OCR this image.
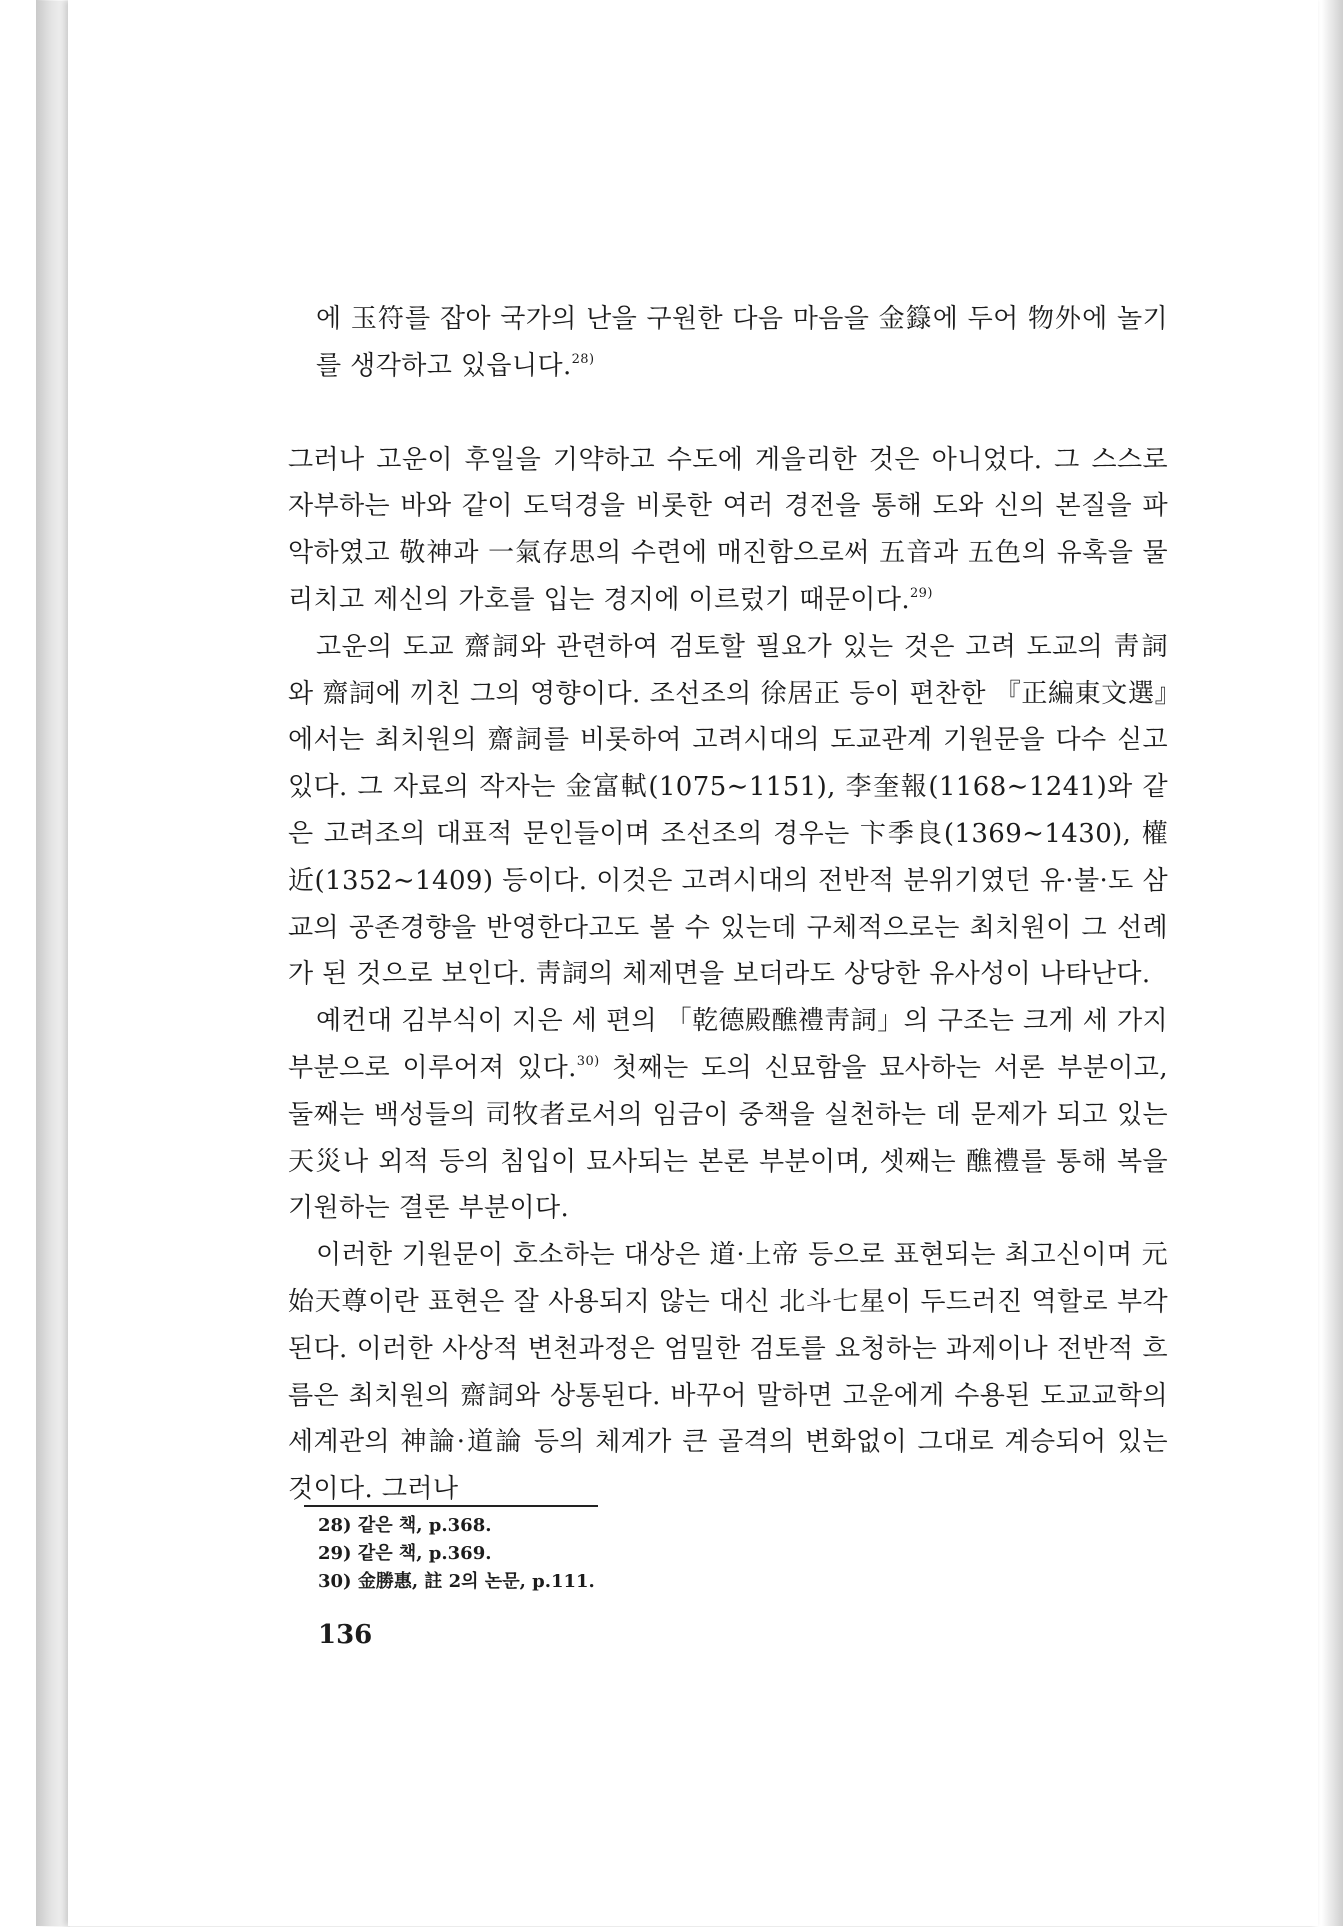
에 玉符를 잡아 국가의 난을 구원한 다음 마음을 金籙에 두어 物外에 놀기를 생각하고 있읍니다.$^{28)}$

그러나 고운이 후일을 기약하고 수도에 게을리한 것은 아니었다. 그 스스로 자부하는 바와 같이 도덕경을 비롯한 여러 경전을 통해 도와 신의 본질을 파악하였고 敬神과 一氣存思의 수련에 매진함으로써 五音과 五色의 유혹을 물리치고 제신의 가호를 입는 경지에 이르렀기 때문이다.$^{29)}$

고운의 도교 齋詞와 관련하여 검토할 필요가 있는 것은 고려 도교의 靑詞와 齋詞에 끼친 그의 영향이다. 조선조의 徐居正 등이 편찬한 『正編東文選』에서는 최치원의 齋詞를 비롯하여 고려시대의 도교관계 기원문을 다수 싣고 있다. 그 자료의 작자는 金富軾(1075∼1151), 李奎報(1168∼1241)와 같은 고려조의 대표적 문인들이며 조선조의 경우는 卞季良(1369∼1430), 權近(1352∼1409) 등이다. 이것은 고려시대의 전반적 분위기였던 유·불·도 삼교의 공존경향을 반영한다고도 볼 수 있는데 구체적으로는 최치원이 그 선례가 된 것으로 보인다. 靑詞의 체제면을 보더라도 상당한 유사성이 나타난다.

예컨대 김부식이 지은 세 편의 「乾德殿醮禮靑詞」의 구조는 크게 세 가지 부분으로 이루어져 있다.$^{30)}$ 첫째는 도의 신묘함을 묘사하는 서론 부분이고, 둘째는 백성들의 司牧者로서의 임금이 중책을 실천하는 데 문제가 되고 있는 天災나 외적 등의 침입이 묘사되는 본론 부분이며, 셋째는 醮禮를 통해 복을 기원하는 결론 부분이다.

이러한 기원문이 호소하는 대상은 道·上帝 등으로 표현되는 최고신이며 元始天尊이란 표현은 잘 사용되지 않는 대신 北斗七星이 두드러진 역할로 부각된다. 이러한 사상적 변천과정은 엄밀한 검토를 요청하는 과제이나 전반적 흐름은 최치원의 齋詞와 상통된다. 바꾸어 말하면 고운에게 수용된 도교교학의 세계관의 神論·道論 등의 체계가 큰 골격의 변화없이 그대로 계승되어 있는 것이다. 그러나

28) 같은 책, p.368.
29) 같은 책, p.369.
30) 金勝惠, 註 2의 논문, p.111.
136
